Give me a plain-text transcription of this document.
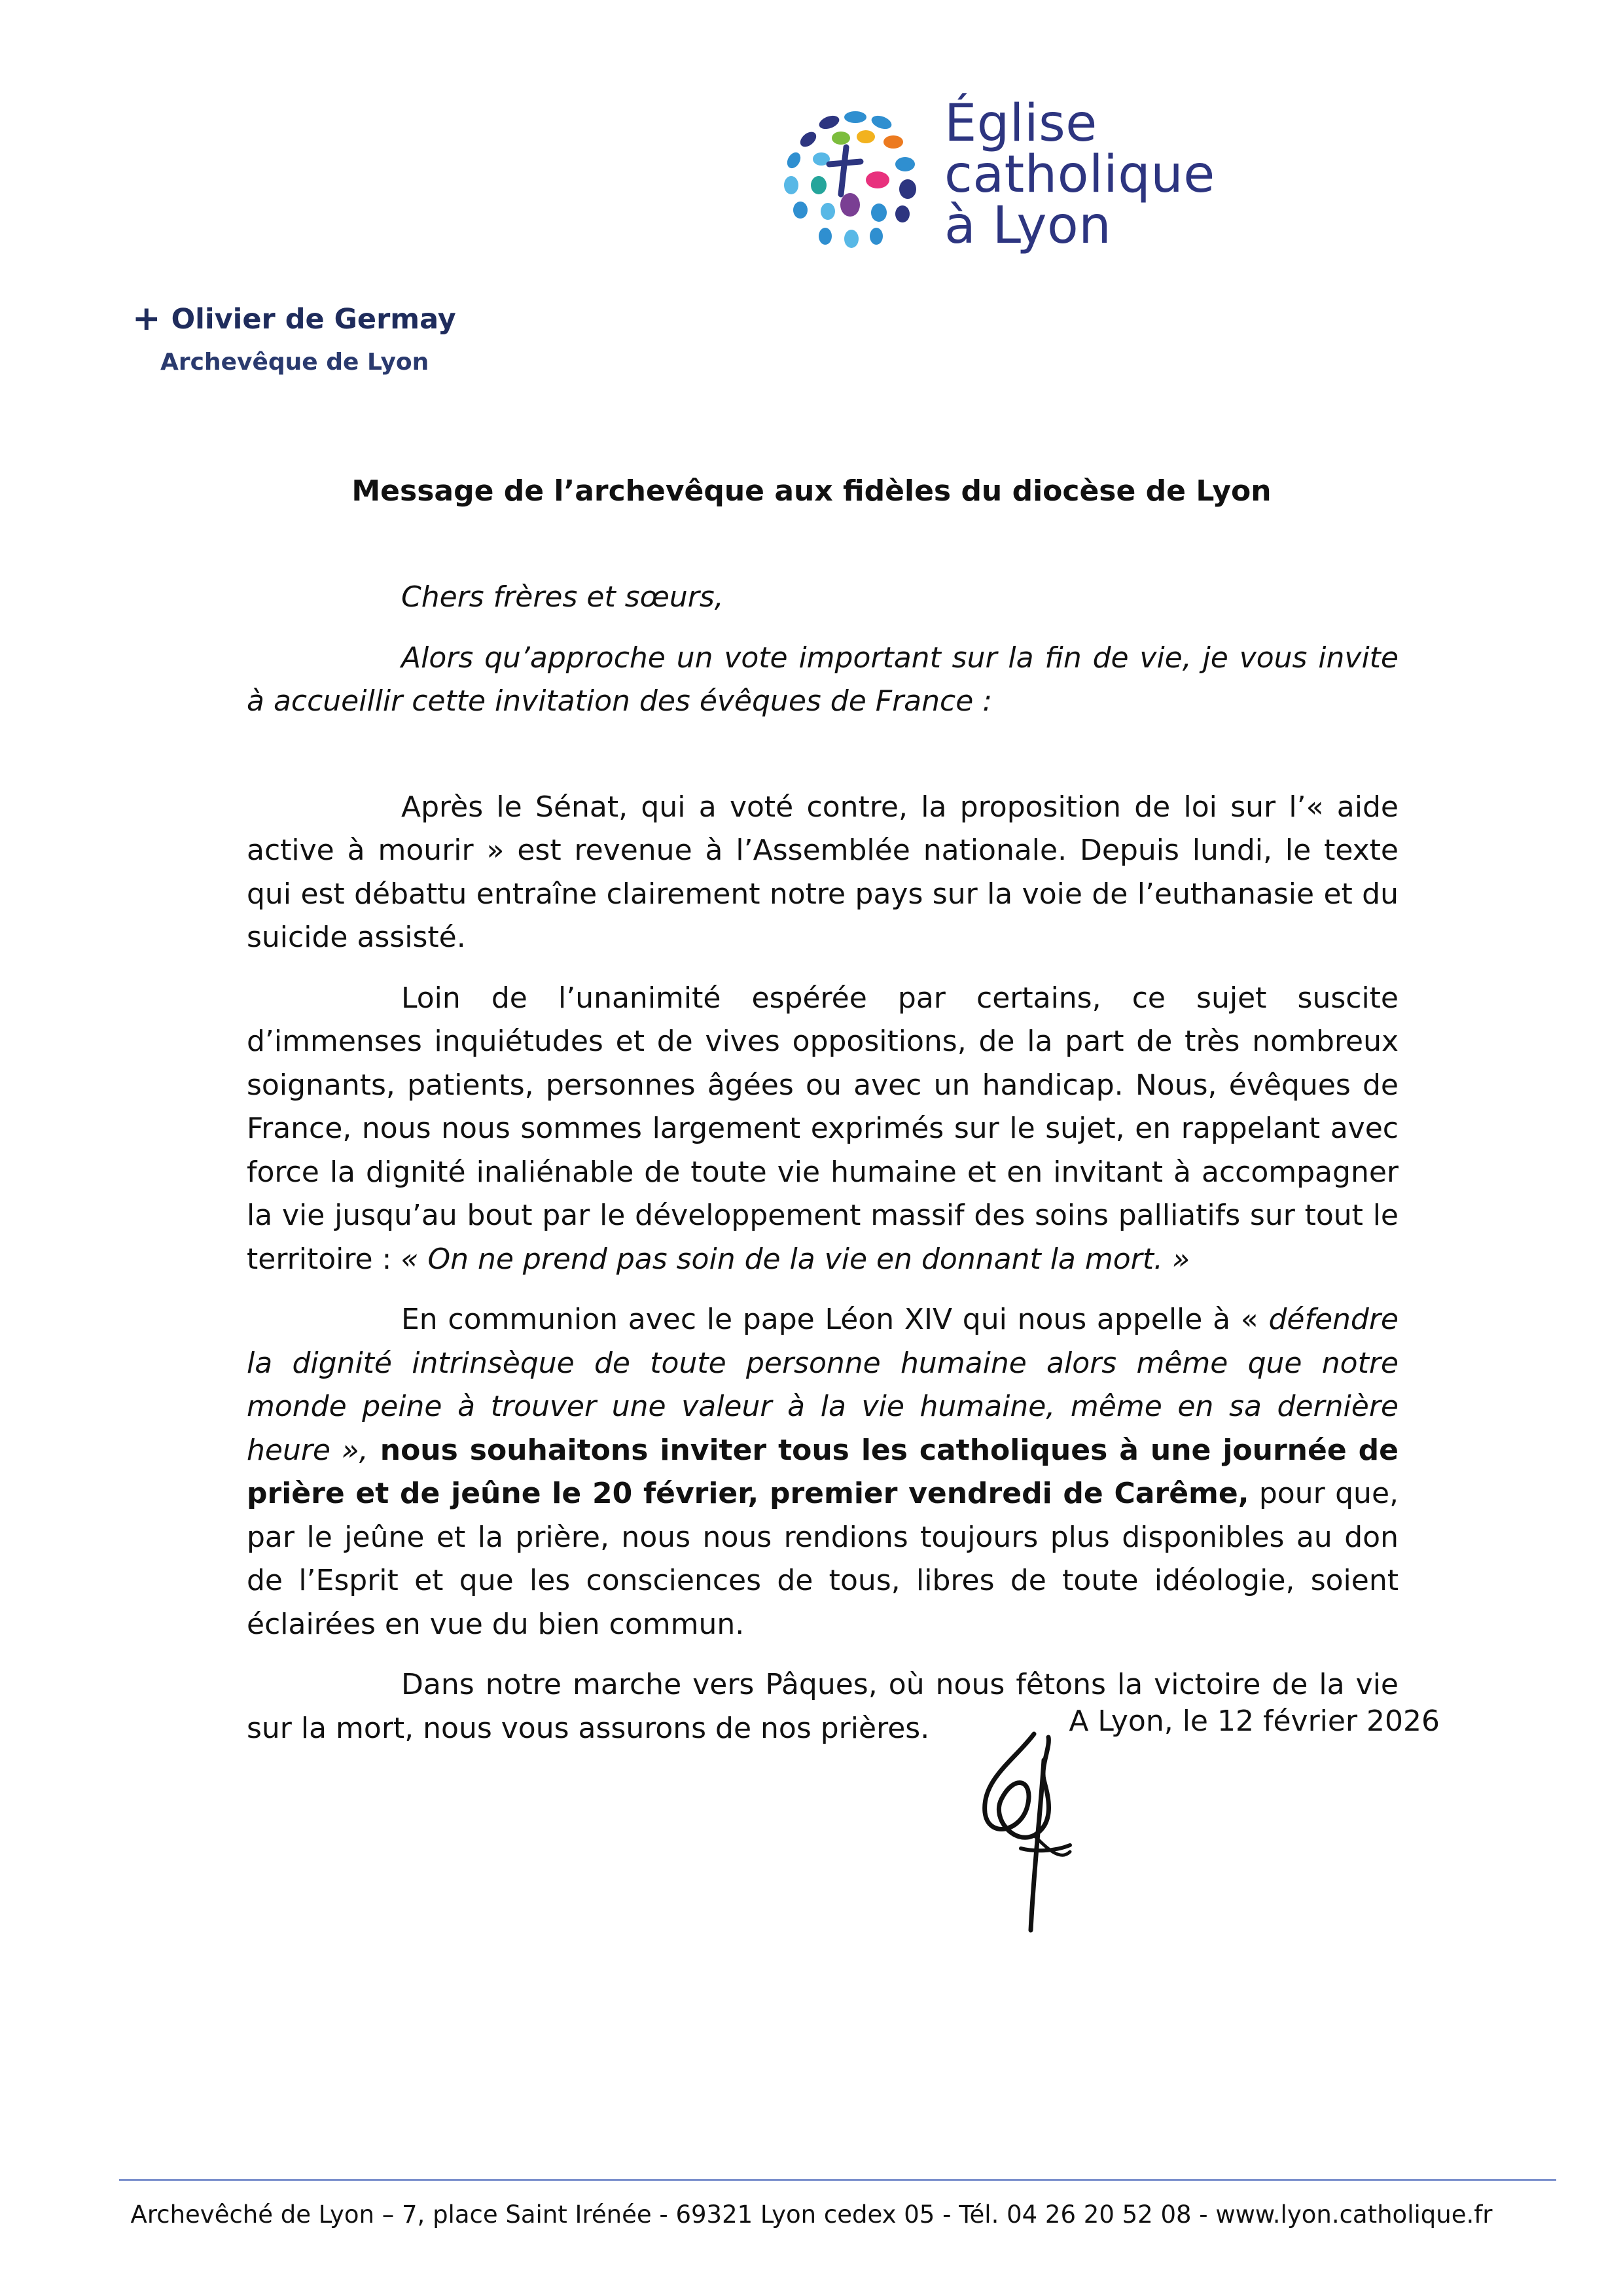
Église
catholique
à Lyon
+ Olivier de Germay
Archevêque de Lyon
Message de l’archevêque aux fidèles du diocèse de Lyon

Chers frères et sœurs,

Alors qu’approche un vote important sur la fin de vie, je vous invite à accueillir cette invitation des évêques de France :

Après le Sénat, qui a voté contre, la proposition de loi sur l’« aide active à mourir » est revenue à l’Assemblée nationale. Depuis lundi, le texte qui est débattu entraîne clairement notre pays sur la voie de l’euthanasie et du suicide assisté.

Loin de l’unanimité espérée par certains, ce sujet suscite d’immenses inquiétudes et de vives oppositions, de la part de très nombreux soignants, patients, personnes âgées ou avec un handicap. Nous, évêques de France, nous nous sommes largement exprimés sur le sujet, en rappelant avec force la dignité inaliénable de toute vie humaine et en invitant à accompagner la vie jusqu’au bout par le développement massif des soins palliatifs sur tout le territoire : « On ne prend pas soin de la vie en donnant la mort. »

En communion avec le pape Léon XIV qui nous appelle à « défendre la dignité intrinsèque de toute personne humaine alors même que notre monde peine à trouver une valeur à la vie humaine, même en sa dernière heure », nous souhaitons inviter tous les catholiques à une journée de prière et de jeûne le 20 février, premier vendredi de Carême, pour que, par le jeûne et la prière, nous nous rendions toujours plus disponibles au don de l’Esprit et que les consciences de tous, libres de toute idéologie, soient éclairées en vue du bien commun.

Dans notre marche vers Pâques, où nous fêtons la victoire de la vie sur la mort, nous vous assurons de nos prières.	A Lyon, le 12 février 2026
Archevêché de Lyon – 7, place Saint Irénée - 69321 Lyon cedex 05 - Tél. 04 26 20 52 08 - www.lyon.catholique.fr
